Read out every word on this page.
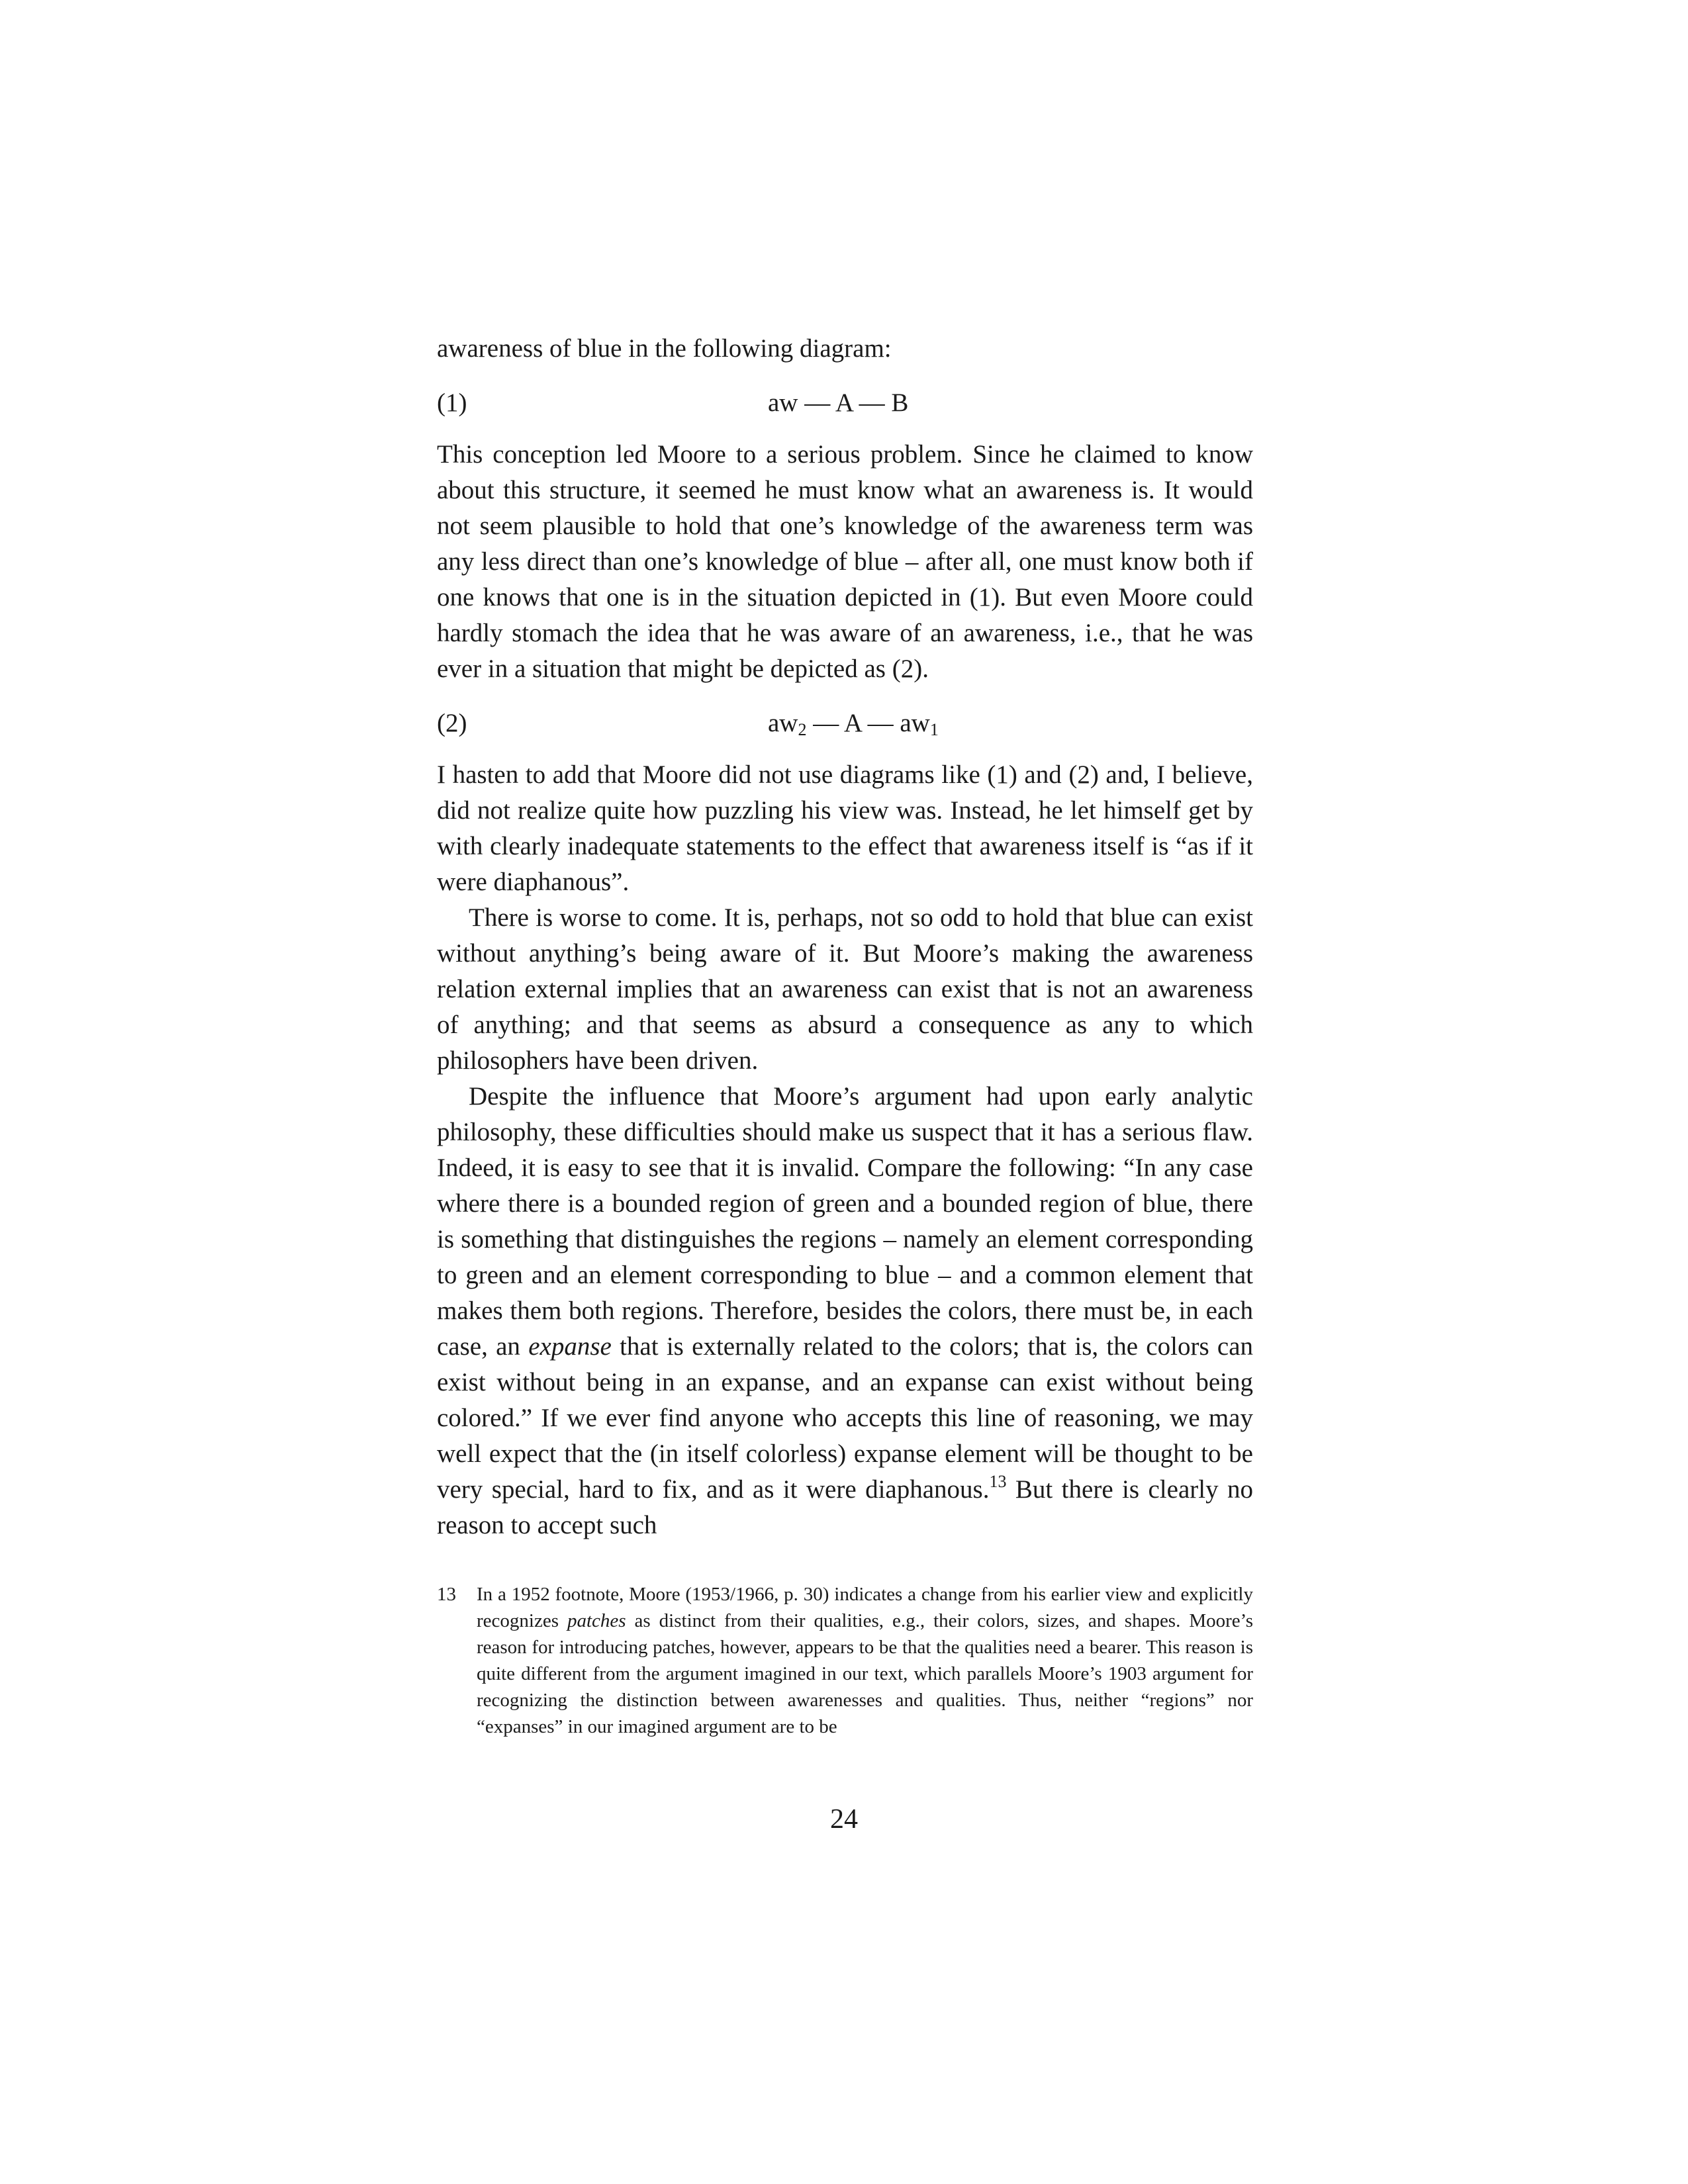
awareness of blue in the following diagram:

(1)	aw — A — B

This conception led Moore to a serious problem. Since he claimed to know about this structure, it seemed he must know what an awareness is. It would not seem plausible to hold that one’s knowledge of the awareness term was any less direct than one’s knowledge of blue – after all, one must know both if one knows that one is in the situation depicted in (1). But even Moore could hardly stomach the idea that he was aware of an awareness, i.e., that he was ever in a situation that might be depicted as (2).

(2)	$aw_2$ — A — $aw_1$

I hasten to add that Moore did not use diagrams like (1) and (2) and, I believe, did not realize quite how puzzling his view was. Instead, he let himself get by with clearly inadequate statements to the effect that awareness itself is “as if it were diaphanous”.

There is worse to come. It is, perhaps, not so odd to hold that blue can exist without anything’s being aware of it. But Moore’s making the awareness relation external implies that an awareness can exist that is not an awareness of anything; and that seems as absurd a consequence as any to which philosophers have been driven.

Despite the influence that Moore’s argument had upon early analytic philosophy, these difficulties should make us suspect that it has a serious flaw. Indeed, it is easy to see that it is invalid. Compare the following: “In any case where there is a bounded region of green and a bounded region of blue, there is something that distinguishes the regions – namely an element corresponding to green and an element corresponding to blue – and a common element that makes them both regions. Therefore, besides the colors, there must be, in each case, an expanse that is externally related to the colors; that is, the colors can exist without being in an expanse, and an expanse can exist without being colored.” If we ever find anyone who accepts this line of reasoning, we may well expect that the (in itself colorless) expanse element will be thought to be very special, hard to fix, and as it were diaphanous.$^{13}$ But there is clearly no reason to accept such

13 In a 1952 footnote, Moore (1953/1966, p. 30) indicates a change from his earlier view and explicitly recognizes patches as distinct from their qualities, e.g., their colors, sizes, and shapes. Moore’s reason for introducing patches, however, appears to be that the qualities need a bearer. This reason is quite different from the argument imagined in our text, which parallels Moore’s 1903 argument for recognizing the distinction between awarenesses and qualities. Thus, neither “regions” nor “expanses” in our imagined argument are to be
24
